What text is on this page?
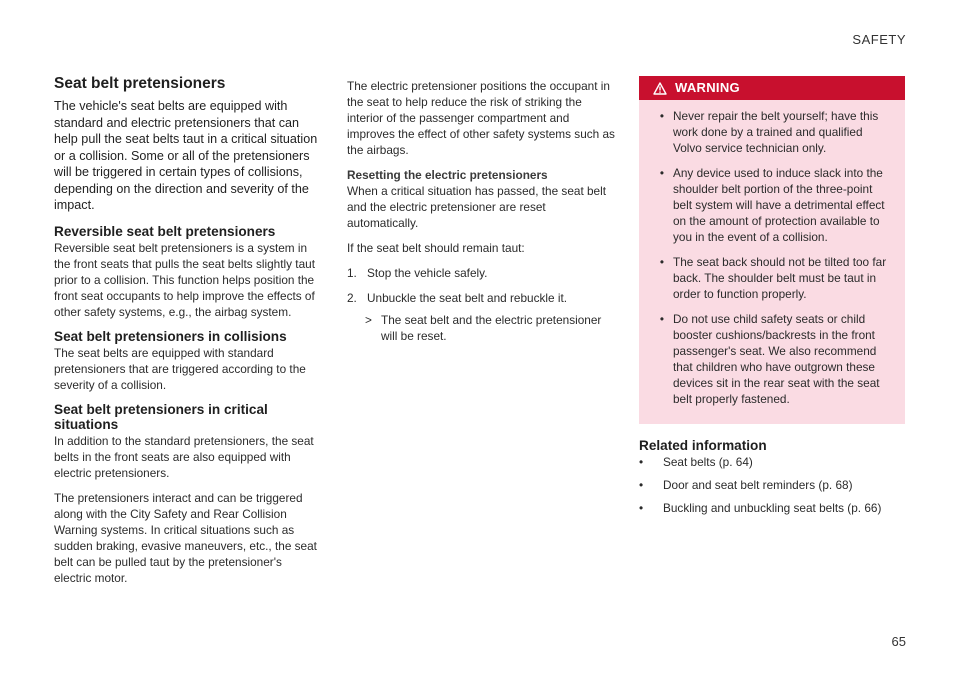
SAFETY
Seat belt pretensioners

The vehicle's seat belts are equipped with standard and electric pretensioners that can help pull the seat belts taut in a critical situation or a collision. Some or all of the pretensioners will be triggered in certain types of collisions, depending on the direction and severity of the impact.

Reversible seat belt pretensioners

Reversible seat belt pretensioners is a system in the front seats that pulls the seat belts slightly taut prior to a collision. This function helps position the front seat occupants to help improve the effects of other safety systems, e.g., the airbag system.

Seat belt pretensioners in collisions

The seat belts are equipped with standard pretensioners that are triggered according to the severity of a collision.

Seat belt pretensioners in critical situations

In addition to the standard pretensioners, the seat belts in the front seats are also equipped with electric pretensioners.

The pretensioners interact and can be triggered along with the City Safety and Rear Collision Warning systems. In critical situations such as sudden braking, evasive maneuvers, etc., the seat belt can be pulled taut by the pretensioner's electric motor.

The electric pretensioner positions the occupant in the seat to help reduce the risk of striking the interior of the passenger compartment and improves the effect of other safety systems such as the airbags.

Resetting the electric pretensioners

When a critical situation has passed, the seat belt and the electric pretensioner are reset automatically.

If the seat belt should remain taut:

1. Stop the vehicle safely.
2. Unbuckle the seat belt and rebuckle it.
> The seat belt and the electric pretensioner will be reset.
WARNING
• Never repair the belt yourself; have this work done by a trained and qualified Volvo service technician only.
• Any device used to induce slack into the shoulder belt portion of the three-point belt system will have a detrimental effect on the amount of protection available to you in the event of a collision.
• The seat back should not be tilted too far back. The shoulder belt must be taut in order to function properly.
• Do not use child safety seats or child booster cushions/backrests in the front passenger's seat. We also recommend that children who have outgrown these devices sit in the rear seat with the seat belt properly fastened.
Related information
•	Seat belts (p. 64)
•	Door and seat belt reminders (p. 68)
•	Buckling and unbuckling seat belts (p. 66)
65
